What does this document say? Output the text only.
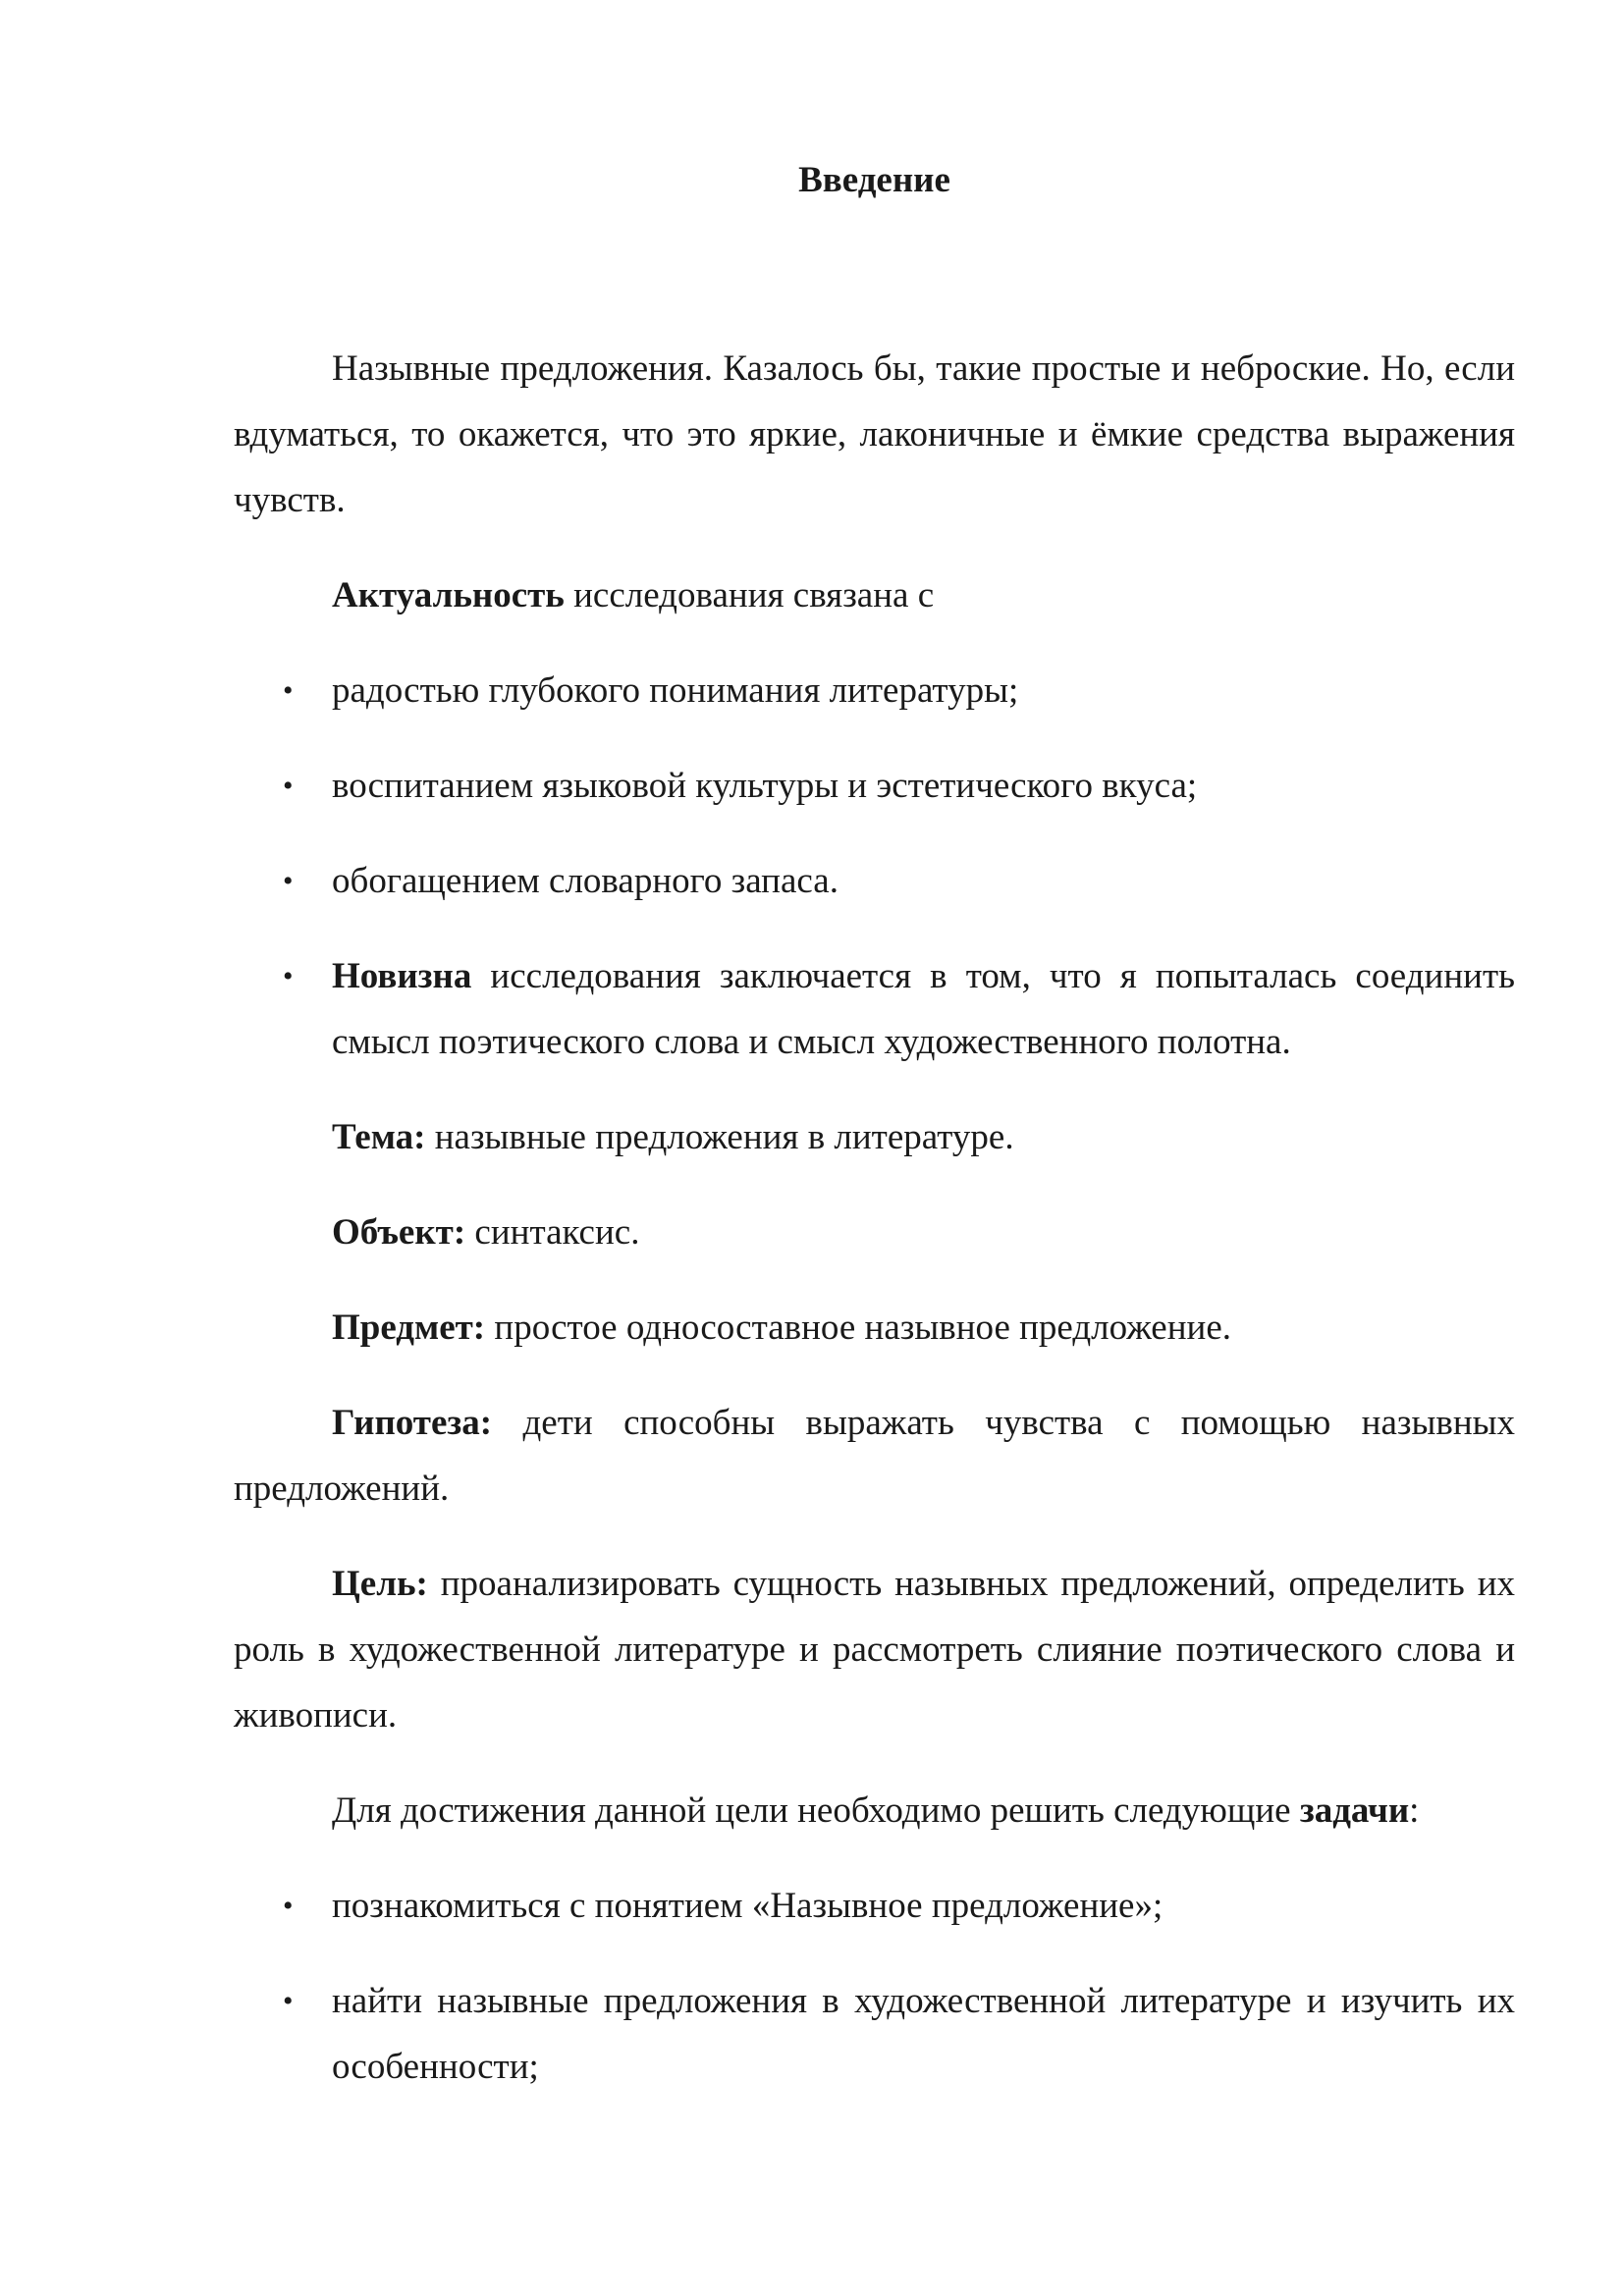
Введение

Назывные предложения. Казалось бы, такие простые и неброские. Но, если вдуматься, то окажется, что это яркие, лаконичные и ёмкие средства выражения чувств.

Актуальность исследования связана с

• радостью глубокого понимания литературы;
• воспитанием языковой культуры и эстетического вкуса;
• обогащением словарного запаса.
• Новизна исследования заключается в том, что я попыталась соединить смысл поэтического слова и смысл художественного полотна.

Тема: назывные предложения в литературе.

Объект: синтаксис.

Предмет: простое односоставное назывное предложение.

Гипотеза: дети способны выражать чувства с помощью назывных предложений.

Цель: проанализировать сущность назывных предложений, определить их роль в художественной литературе и рассмотреть слияние поэтического слова и живописи.

Для достижения данной цели необходимо решить следующие задачи:

• познакомиться с понятием «Назывное предложение»;
• найти назывные предложения в художественной литературе и изучить их особенности;
